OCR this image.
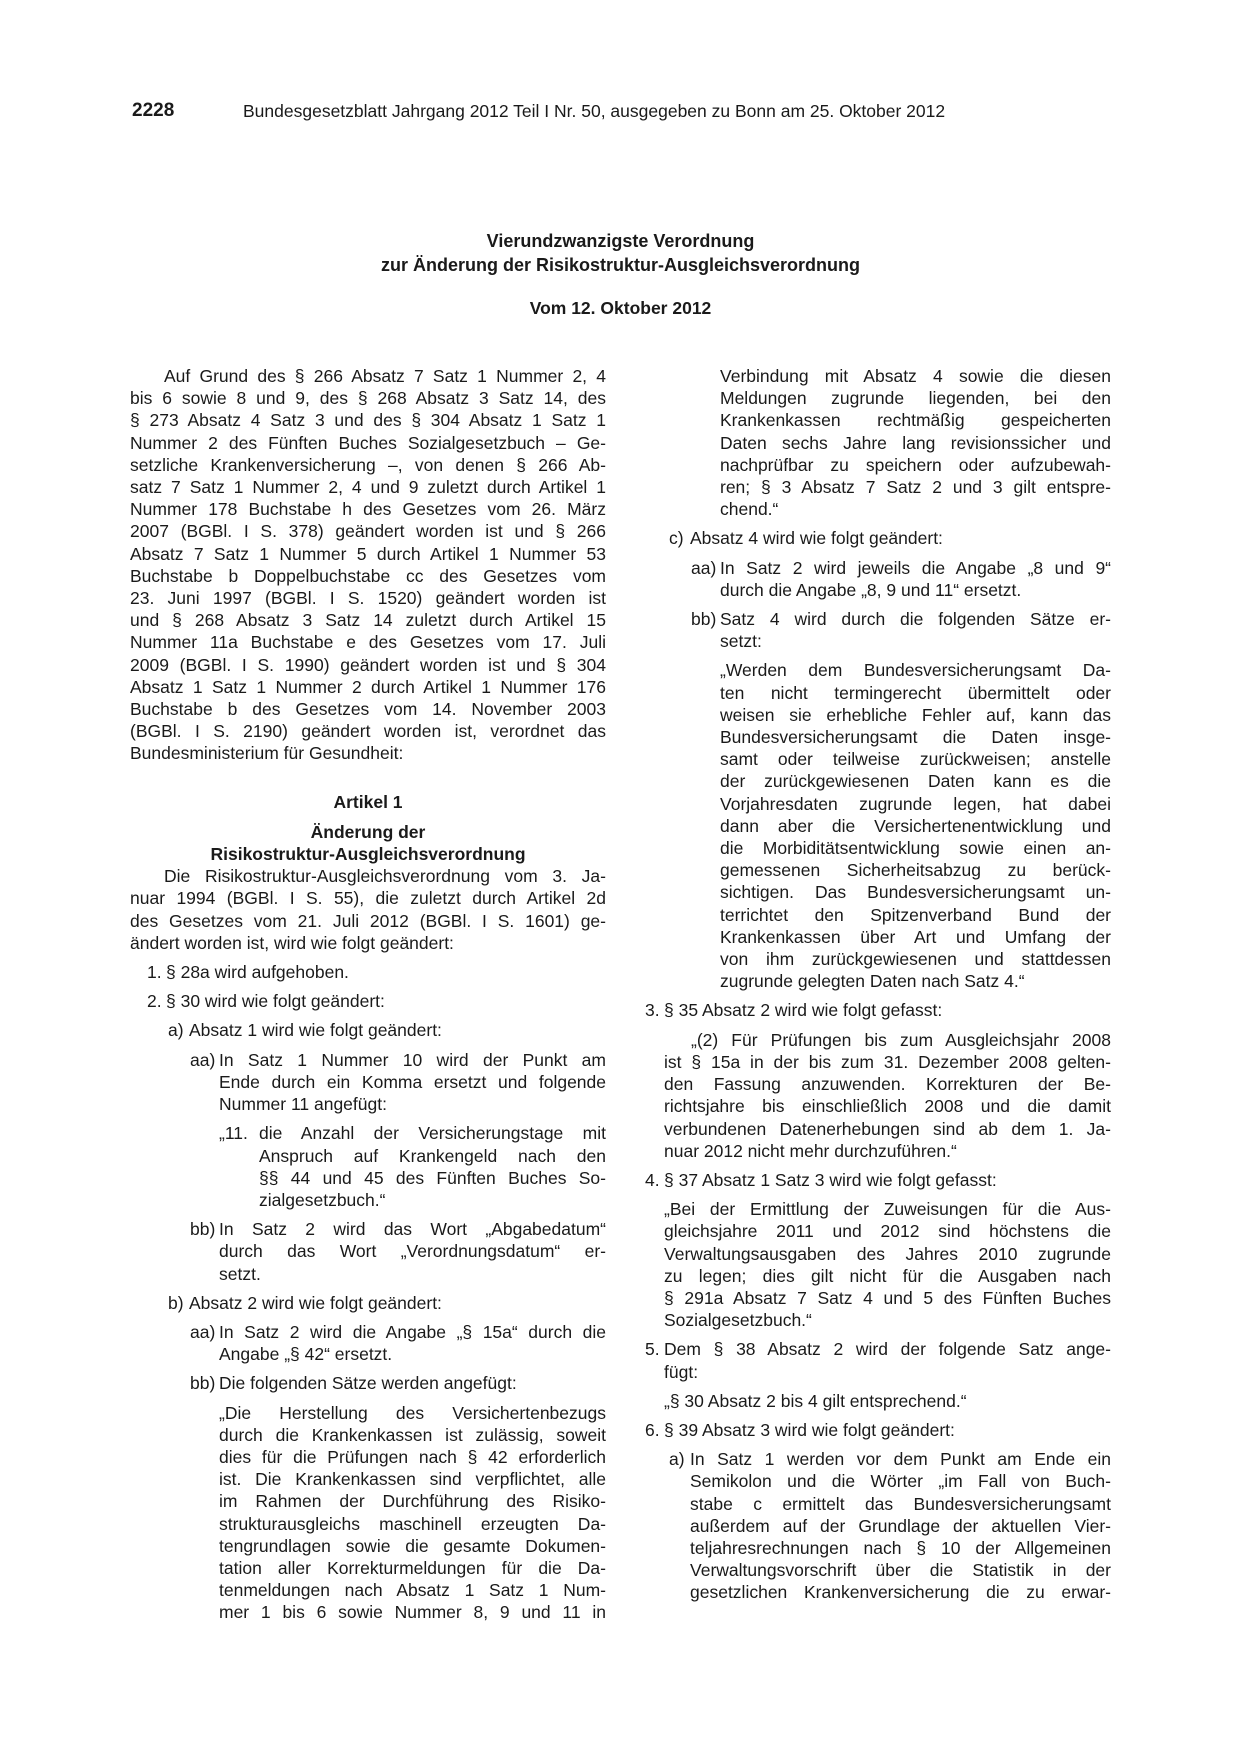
2228	Bundesgesetzblatt Jahrgang 2012 Teil I Nr. 50, ausgegeben zu Bonn am 25. Oktober 2012
Vierundzwanzigste Verordnung
zur Änderung der Risikostruktur-Ausgleichsverordnung
Vom 12. Oktober 2012

Auf Grund des § 266 Absatz 7 Satz 1 Nummer 2, 4

bis 6 sowie 8 und 9, des § 268 Absatz 3 Satz 14, des

§ 273 Absatz 4 Satz 3 und des § 304 Absatz 1 Satz 1

Nummer 2 des Fünften Buches Sozialgesetzbuch – Ge-

setzliche Krankenversicherung –, von denen § 266 Ab-

satz 7 Satz 1 Nummer 2, 4 und 9 zuletzt durch Artikel 1

Nummer 178 Buchstabe h des Gesetzes vom 26. März

2007 (BGBl. I S. 378) geändert worden ist und § 266

Absatz 7 Satz 1 Nummer 5 durch Artikel 1 Nummer 53

Buchstabe b Doppelbuchstabe cc des Gesetzes vom

23. Juni 1997 (BGBl. I S. 1520) geändert worden ist

und § 268 Absatz 3 Satz 14 zuletzt durch Artikel 15

Nummer 11a Buchstabe e des Gesetzes vom 17. Juli

2009 (BGBl. I S. 1990) geändert worden ist und § 304

Absatz 1 Satz 1 Nummer 2 durch Artikel 1 Nummer 176

Buchstabe b des Gesetzes vom 14. November 2003

(BGBl. I S. 2190) geändert worden ist, verordnet das

Bundesministerium für Gesundheit:

Artikel 1

Änderung der

Risikostruktur-Ausgleichsverordnung

Die Risikostruktur-Ausgleichsverordnung vom 3. Ja-

nuar 1994 (BGBl. I S. 55), die zuletzt durch Artikel 2d

des Gesetzes vom 21. Juli 2012 (BGBl. I S. 1601) ge-

ändert worden ist, wird wie folgt geändert:

1. § 28a wird aufgehoben.
2. § 30 wird wie folgt geändert:
a) Absatz 1 wird wie folgt geändert:
aa) In Satz 1 Nummer 10 wird der Punkt am

Ende durch ein Komma ersetzt und folgende

Nummer 11 angefügt:

„11. die Anzahl der Versicherungstage mit

Anspruch auf Krankengeld nach den

§§ 44 und 45 des Fünften Buches So-

zialgesetzbuch.“

bb) In Satz 2 wird das Wort „Abgabedatum“

durch das Wort „Verordnungsdatum“ er-

setzt.

b) Absatz 2 wird wie folgt geändert:
aa) In Satz 2 wird die Angabe „§ 15a“ durch die

Angabe „§ 42“ ersetzt.

bb) Die folgenden Sätze werden angefügt:

„Die Herstellung des Versichertenbezugs

durch die Krankenkassen ist zulässig, soweit

dies für die Prüfungen nach § 42 erforderlich

ist. Die Krankenkassen sind verpflichtet, alle

im Rahmen der Durchführung des Risiko-

strukturausgleichs maschinell erzeugten Da-

tengrundlagen sowie die gesamte Dokumen-

tation aller Korrekturmeldungen für die Da-

tenmeldungen nach Absatz 1 Satz 1 Num-

mer 1 bis 6 sowie Nummer 8, 9 und 11 in

Verbindung mit Absatz 4 sowie die diesen

Meldungen zugrunde liegenden, bei den

Krankenkassen rechtmäßig gespeicherten

Daten sechs Jahre lang revisionssicher und

nachprüfbar zu speichern oder aufzubewah-

ren; § 3 Absatz 7 Satz 2 und 3 gilt entspre-

chend.“

c) Absatz 4 wird wie folgt geändert:
aa) In Satz 2 wird jeweils die Angabe „8 und 9“

durch die Angabe „8, 9 und 11“ ersetzt.

bb) Satz 4 wird durch die folgenden Sätze er-

setzt:

„Werden dem Bundesversicherungsamt Da-

ten nicht termingerecht übermittelt oder

weisen sie erhebliche Fehler auf, kann das

Bundesversicherungsamt die Daten insge-

samt oder teilweise zurückweisen; anstelle

der zurückgewiesenen Daten kann es die

Vorjahresdaten zugrunde legen, hat dabei

dann aber die Versichertenentwicklung und

die Morbiditätsentwicklung sowie einen an-

gemessenen Sicherheitsabzug zu berück-

sichtigen. Das Bundesversicherungsamt un-

terrichtet den Spitzenverband Bund der

Krankenkassen über Art und Umfang der

von ihm zurückgewiesenen und stattdessen

zugrunde gelegten Daten nach Satz 4.“

3. § 35 Absatz 2 wird wie folgt gefasst:

„(2) Für Prüfungen bis zum Ausgleichsjahr 2008

ist § 15a in der bis zum 31. Dezember 2008 gelten-

den Fassung anzuwenden. Korrekturen der Be-

richtsjahre bis einschließlich 2008 und die damit

verbundenen Datenerhebungen sind ab dem 1. Ja-

nuar 2012 nicht mehr durchzuführen.“

4. § 37 Absatz 1 Satz 3 wird wie folgt gefasst:

„Bei der Ermittlung der Zuweisungen für die Aus-

gleichsjahre 2011 und 2012 sind höchstens die

Verwaltungsausgaben des Jahres 2010 zugrunde

zu legen; dies gilt nicht für die Ausgaben nach

§ 291a Absatz 7 Satz 4 und 5 des Fünften Buches

Sozialgesetzbuch.“

5. Dem § 38 Absatz 2 wird der folgende Satz ange-

fügt:

„§ 30 Absatz 2 bis 4 gilt entsprechend.“

6. § 39 Absatz 3 wird wie folgt geändert:
a) In Satz 1 werden vor dem Punkt am Ende ein

Semikolon und die Wörter „im Fall von Buch-

stabe c ermittelt das Bundesversicherungsamt

außerdem auf der Grundlage der aktuellen Vier-

teljahresrechnungen nach § 10 der Allgemeinen

Verwaltungsvorschrift über die Statistik in der

gesetzlichen Krankenversicherung die zu erwar-
